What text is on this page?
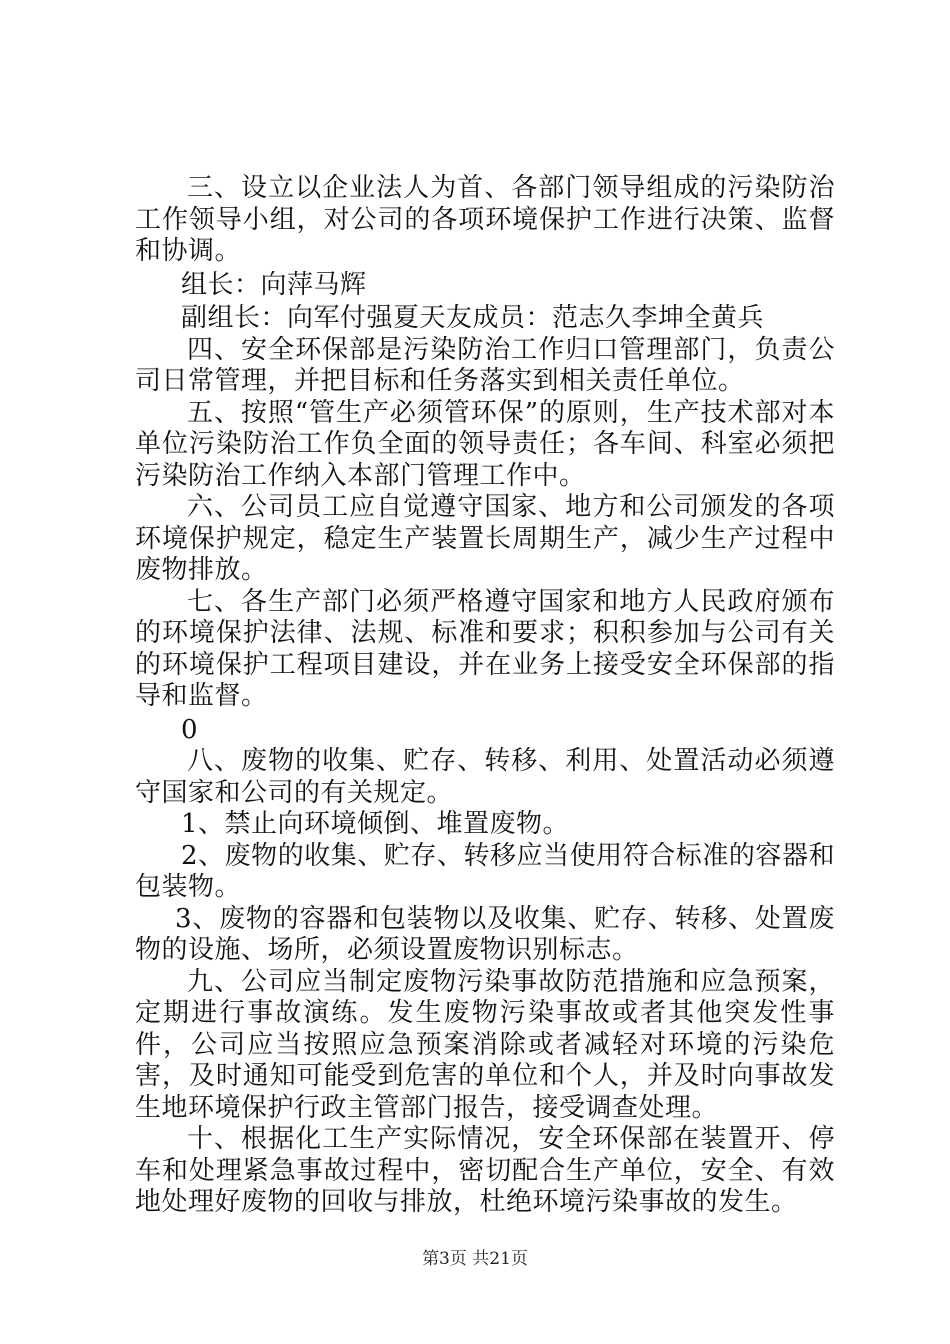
三、设立以企业法人为首、各部门领导组成的污染防治工作领导小组，对公司的各项环境保护工作进行决策、监督和协调。

组长：向萍马辉

副组长：向军付强夏天友成员：范志久李坤全黄兵

四、安全环保部是污染防治工作归口管理部门，负责公司日常管理，并把目标和任务落实到相关责任单位。

五、按照“管生产必须管环保”的原则，生产技术部对本单位污染防治工作负全面的领导责任；各车间、科室必须把污染防治工作纳入本部门管理工作中。

六、公司员工应自觉遵守国家、地方和公司颁发的各项环境保护规定，稳定生产装置长周期生产，减少生产过程中废物排放。

七、各生产部门必须严格遵守国家和地方人民政府颁布的环境保护法律、法规、标准和要求；积积参加与公司有关的环境保护工程项目建设，并在业务上接受安全环保部的指导和监督。

0

八、废物的收集、贮存、转移、利用、处置活动必须遵守国家和公司的有关规定。

1、禁止向环境倾倒、堆置废物。

2、废物的收集、贮存、转移应当使用符合标准的容器和包装物。

3、废物的容器和包装物以及收集、贮存、转移、处置废物的设施、场所，必须设置废物识别标志。

九、公司应当制定废物污染事故防范措施和应急预案，定期进行事故演练。发生废物污染事故或者其他突发性事件，公司应当按照应急预案消除或者减轻对环境的污染危害，及时通知可能受到危害的单位和个人，并及时向事故发生地环境保护行政主管部门报告，接受调查处理。

十、根据化工生产实际情况，安全环保部在装置开、停车和处理紧急事故过程中，密切配合生产单位，安全、有效地处理好废物的回收与排放，杜绝环境污染事故的发生。

第3页 共21页
